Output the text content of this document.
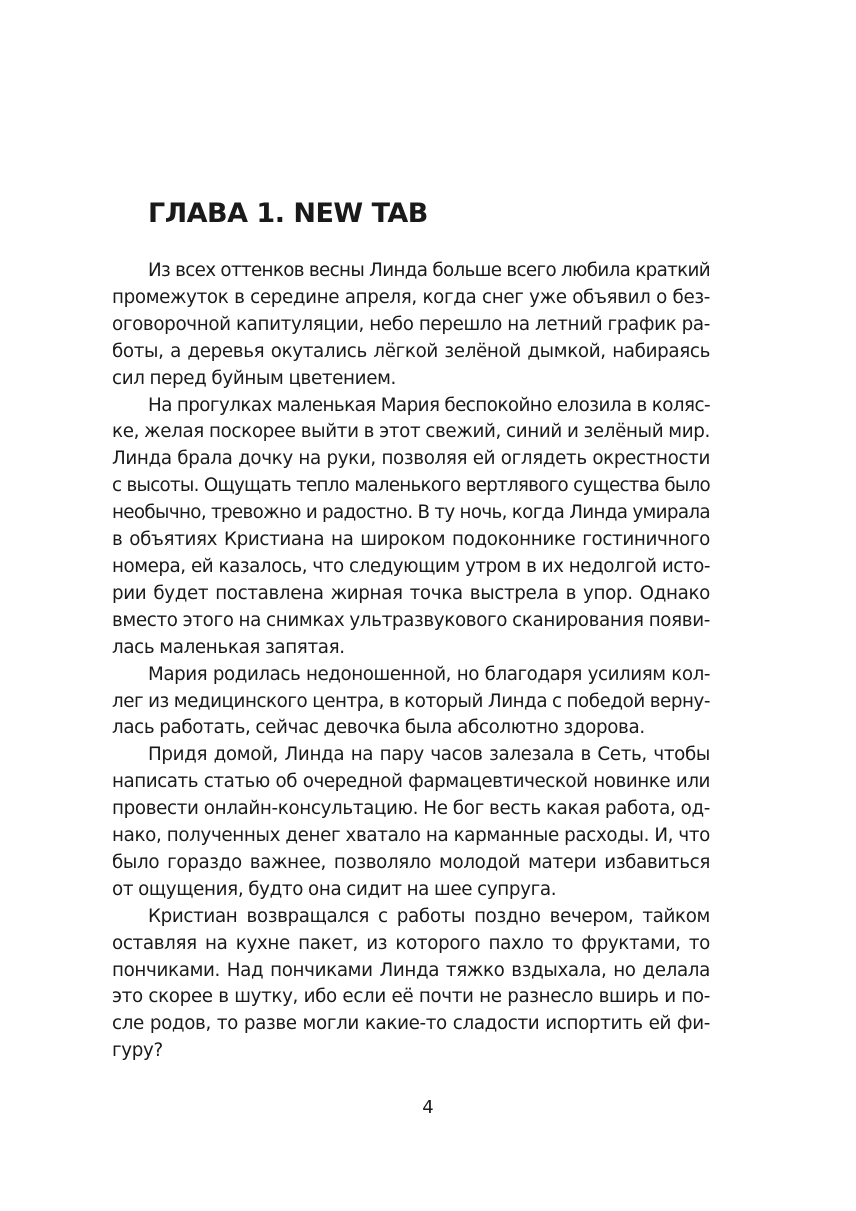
ГЛАВА 1. NEW TAB

Из всех оттенков весны Линда больше всего любила краткий
промежуток в середине апреля, когда снег уже объявил о без-
оговорочной капитуляции, небо перешло на летний график ра-
боты, а деревья окутались лёгкой зелёной дымкой, набираясь
сил перед буйным цветением.

На прогулках маленькая Мария беспокойно елозила в коляс-
ке, желая поскорее выйти в этот свежий, синий и зелёный мир.
Линда брала дочку на руки, позволяя ей оглядеть окрестности
с высоты. Ощущать тепло маленького вертлявого существа было
необычно, тревожно и радостно. В ту ночь, когда Линда умирала
в объятиях Кристиана на широком подоконнике гостиничного
номера, ей казалось, что следующим утром в их недолгой исто-
рии будет поставлена жирная точка выстрела в упор. Однако
вместо этого на снимках ультразвукового сканирования появи-
лась маленькая запятая.

Мария родилась недоношенной, но благодаря усилиям кол-
лег из медицинского центра, в который Линда с победой верну-
лась работать, сейчас девочка была абсолютно здорова.

Придя домой, Линда на пару часов залезала в Сеть, чтобы
написать статью об очередной фармацевтической новинке или
провести онлайн-консультацию. Не бог весть какая работа, од-
нако, полученных денег хватало на карманные расходы. И, что
было гораздо важнее, позволяло молодой матери избавиться
от ощущения, будто она сидит на шее супруга.

Кристиан возвращался с работы поздно вечером, тайком
оставляя на кухне пакет, из которого пахло то фруктами, то
пончиками. Над пончиками Линда тяжко вздыхала, но делала
это скорее в шутку, ибо если её почти не разнесло вширь и по-
сле родов, то разве могли какие-то сладости испортить ей фи-
гуру?

4
